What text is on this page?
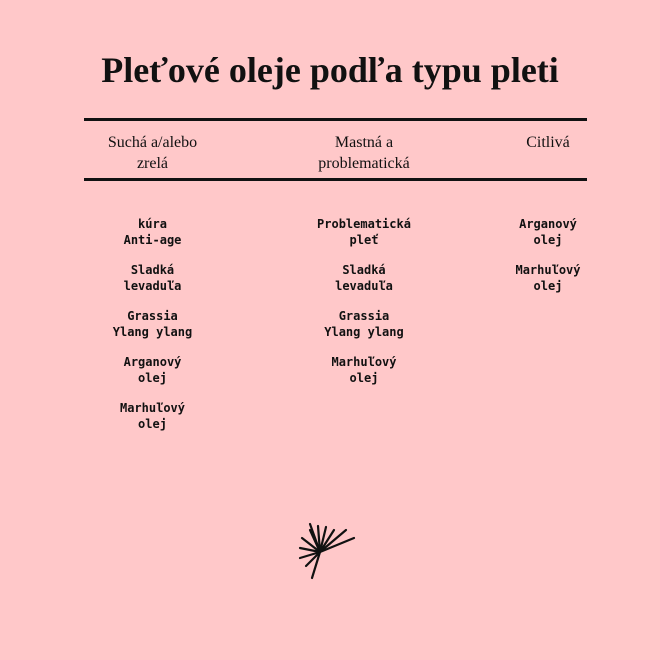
Pleťové oleje podľa typu pleti
Suchá a/alebo
zrelá
Mastná a
problematická
Citlivá
kúra
Anti-age
Sladká
levaduľa
Grassia
Ylang ylang
Arganový
olej
Marhuľový
olej
Problematická
pleť
Sladká
levaduľa
Grassia
Ylang ylang
Marhuľový
olej
Arganový
olej
Marhuľový
olej
